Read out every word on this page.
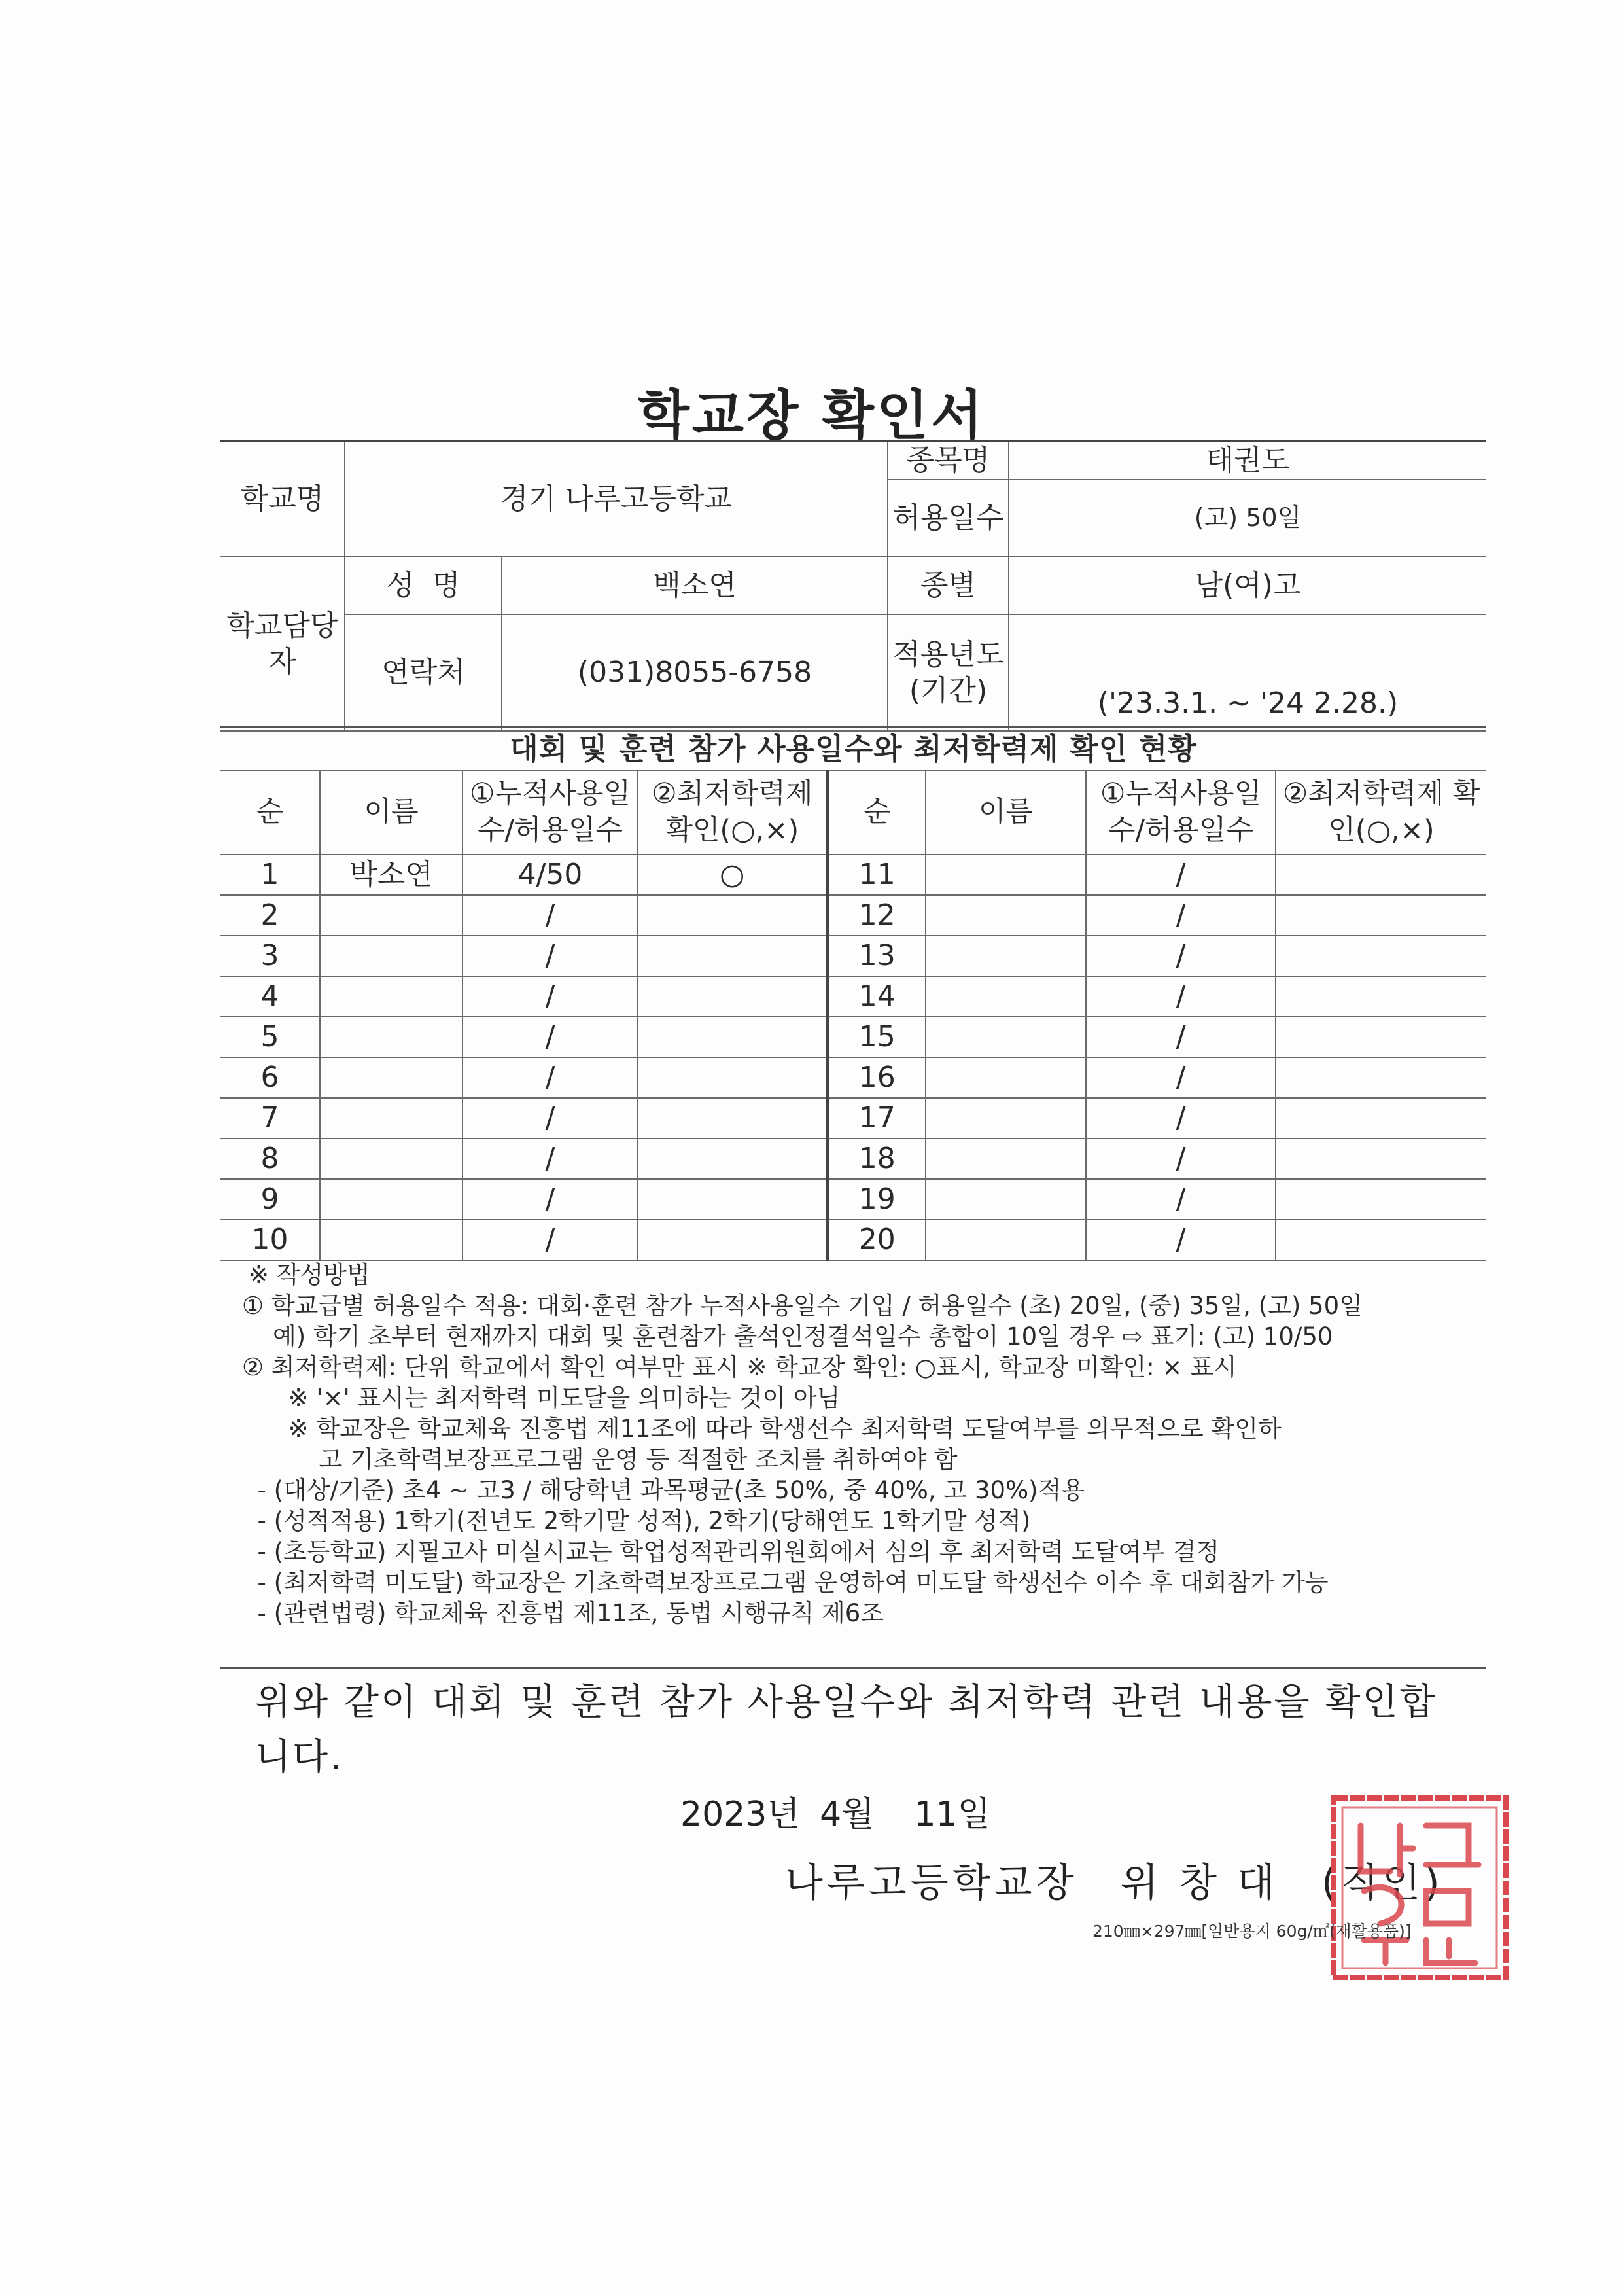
학교장 확인서
학교명	경기 나루고등학교		종목명	태권도
			허용일수	(고) 50일
학교담당자	성  명	백소연	종별	남(여)고
	연락처	(031)8055-6758	적용년도(기간)	('23.3.1. ~ '24 2.28.)
대회 및 훈련 참가 사용일수와 최저학력제 확인 현황							
순	이름	①누적사용일수/허용일수	②최저학력제 확인(○,×)	순	이름	①누적사용일수/허용일수	②최저학력제 확인(○,×)
1	박소연	4/50	○	11		/	
2		/		12		/	
3		/		13		/	
4		/		14		/	
5		/		15		/	
6		/		16		/	
7		/		17		/	
8		/		18		/	
9		/		19		/	
10		/		20		/	
※ 작성방법
① 학교급별 허용일수 적용: 대회·훈련 참가 누적사용일수 기입 / 허용일수 (초) 20일, (중) 35일, (고) 50일
예) 학기 초부터 현재까지 대회 및 훈련참가 출석인정결석일수 총합이 10일 경우 ⇨ 표기: (고) 10/50
② 최저학력제: 단위 학교에서 확인 여부만 표시 ※ 학교장 확인: ○표시, 학교장 미확인: × 표시
※ '×' 표시는 최저학력 미도달을 의미하는 것이 아님
※ 학교장은 학교체육 진흥법 제11조에 따라 학생선수 최저학력 도달여부를 의무적으로 확인하
고 기초학력보장프로그램 운영 등 적절한 조치를 취하여야 함
- (대상/기준) 초4 ~ 고3 / 해당학년 과목평균(초 50%, 중 40%, 고 30%)적용
- (성적적용) 1학기(전년도 2학기말 성적), 2학기(당해연도 1학기말 성적)
- (초등학교) 지필고사 미실시교는 학업성적관리위원회에서 심의 후 최저학력 도달여부 결정
- (최저학력 미도달) 학교장은 기초학력보장프로그램 운영하여 미도달 학생선수 이수 후 대회참가 가능
- (관련법령) 학교체육 진흥법 제11조, 동법 시행규칙 제6조
위와 같이 대회 및 훈련 참가 사용일수와 최저학력 관련 내용을 확인합니다.
2023년 4월  11일
나루고등학교장 위 창 대 (직인)
210㎜×297㎜[일반용지 60g/㎡(재활용품)]
